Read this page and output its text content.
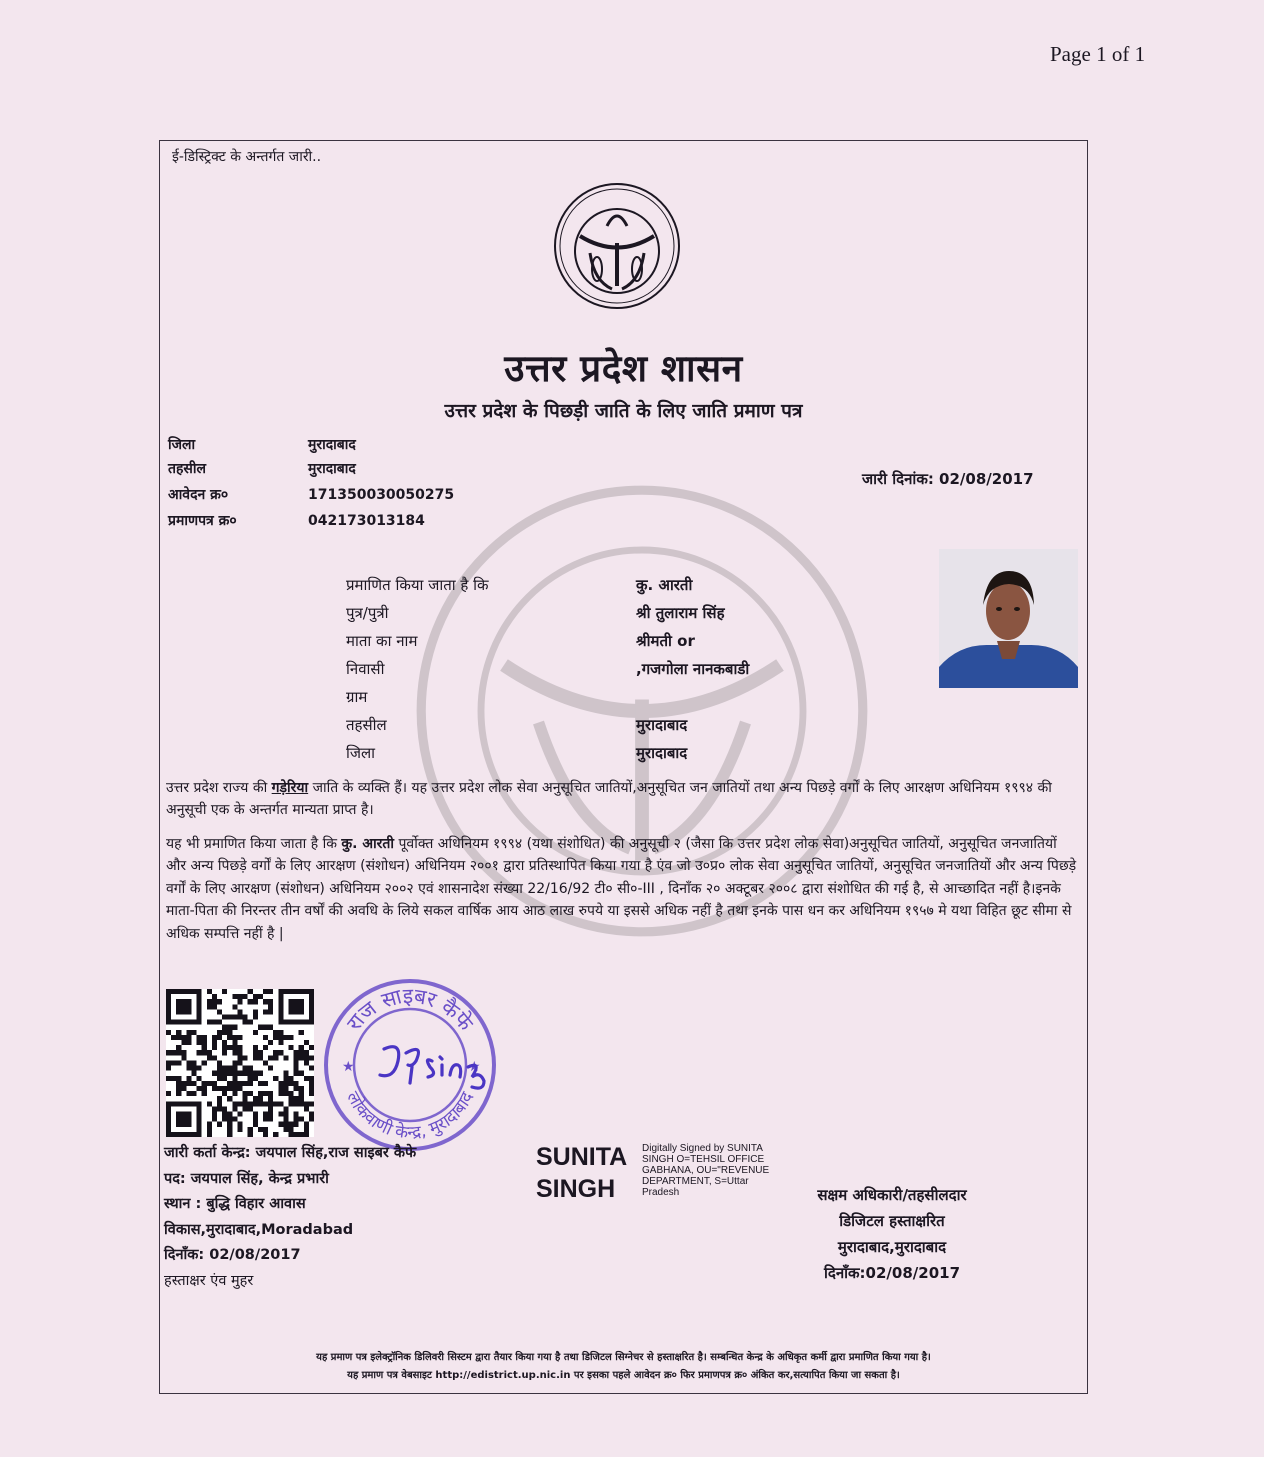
Page 1 of 1
ई-डिस्ट्रिक्ट के अन्तर्गत जारी..
उत्तर प्रदेश शासन
उत्तर प्रदेश के पिछड़ी जाति के लिए जाति प्रमाण पत्र
जिला	मुरादाबाद
तहसील	मुरादाबाद
आवेदन क्र०	171350030050275
प्रमाणपत्र क्र०	042173013184
जारी दिनांक: 02/08/2017
प्रमाणित किया जाता है कि	कु. आरती
पुत्र/पुत्री	श्री तुलाराम सिंह
माता का नाम	श्रीमती or
निवासी	,गजगोला नानकबाडी
ग्राम
तहसील	मुरादाबाद
जिला	मुरादाबाद
उत्तर प्रदेश राज्य की गड़ेरिया जाति के व्यक्ति हैं। यह उत्तर प्रदेश लोक सेवा अनुसूचित जातियों,अनुसूचित जन जातियों तथा अन्य पिछड़े वर्गों के लिए आरक्षण अधिनियम १९९४ की अनुसूची एक के अन्तर्गत मान्यता प्राप्त है।
यह भी प्रमाणित किया जाता है कि कु. आरती पूर्वोक्त अधिनियम १९९४ (यथा संशोधित) की अनुसूची २ (जैसा कि उत्तर प्रदेश लोक सेवा)अनुसूचित जातियों, अनुसूचित जनजातियों और अन्य पिछड़े वर्गों के लिए आरक्षण (संशोधन) अधिनियम २००१ द्वारा प्रतिस्थापित किया गया है एंव जो उ०प्र० लोक सेवा अनुसूचित जातियों, अनुसूचित जनजातियों और अन्य पिछड़े वर्गों के लिए आरक्षण (संशोधन) अधिनियम २००२ एवं शासनादेश संख्या 22/16/92 टी० सी०-III , दिनाँक २० अक्टूबर २००८ द्वारा संशोधित की गई है, से आच्छादित नहीं है।इनके माता-पिता की निरन्तर तीन वर्षों की अवधि के लिये सकल वार्षिक आय आठ लाख रुपये या इससे अधिक नहीं है तथा इनके पास धन कर अधिनियम १९५७ मे यथा विहित छूट सीमा से अधिक सम्पत्ति नहीं है |
राज साइबर कैफे
लोकवाणी केन्द्र, मुरादाबाद
★	★
जारी कर्ता केन्द्र: जयपाल सिंह,राज साइबर कैफे
पद: जयपाल सिंह, केन्द्र प्रभारी
स्थान : बुद्धि विहार आवास
विकास,मुरादाबाद,Moradabad
दिनाँक: 02/08/2017
हस्ताक्षर एंव मुहर
SUNITA
SINGH
Digitally Signed by SUNITA SINGH O=TEHSIL OFFICE GABHANA, OU="REVENUE DEPARTMENT, S=Uttar Pradesh	सक्षम अधिकारी/तहसीलदार
डिजिटल हस्ताक्षरित
मुरादाबाद,मुरादाबाद
दिनाँक:02/08/2017
यह प्रमाण पत्र इलेक्ट्रॉनिक डिलिवरी सिस्टम द्वारा तैयार किया गया है तथा डिजिटल सिग्नेचर से हस्ताक्षरित है। सम्बन्धित केन्द्र के अधिकृत कर्मी द्वारा प्रमाणित किया गया है।
यह प्रमाण पत्र वेबसाइट http://edistrict.up.nic.in पर इसका पहले आवेदन क्र० फिर प्रमाणपत्र क्र० अंकित कर,सत्यापित किया जा सकता है।
